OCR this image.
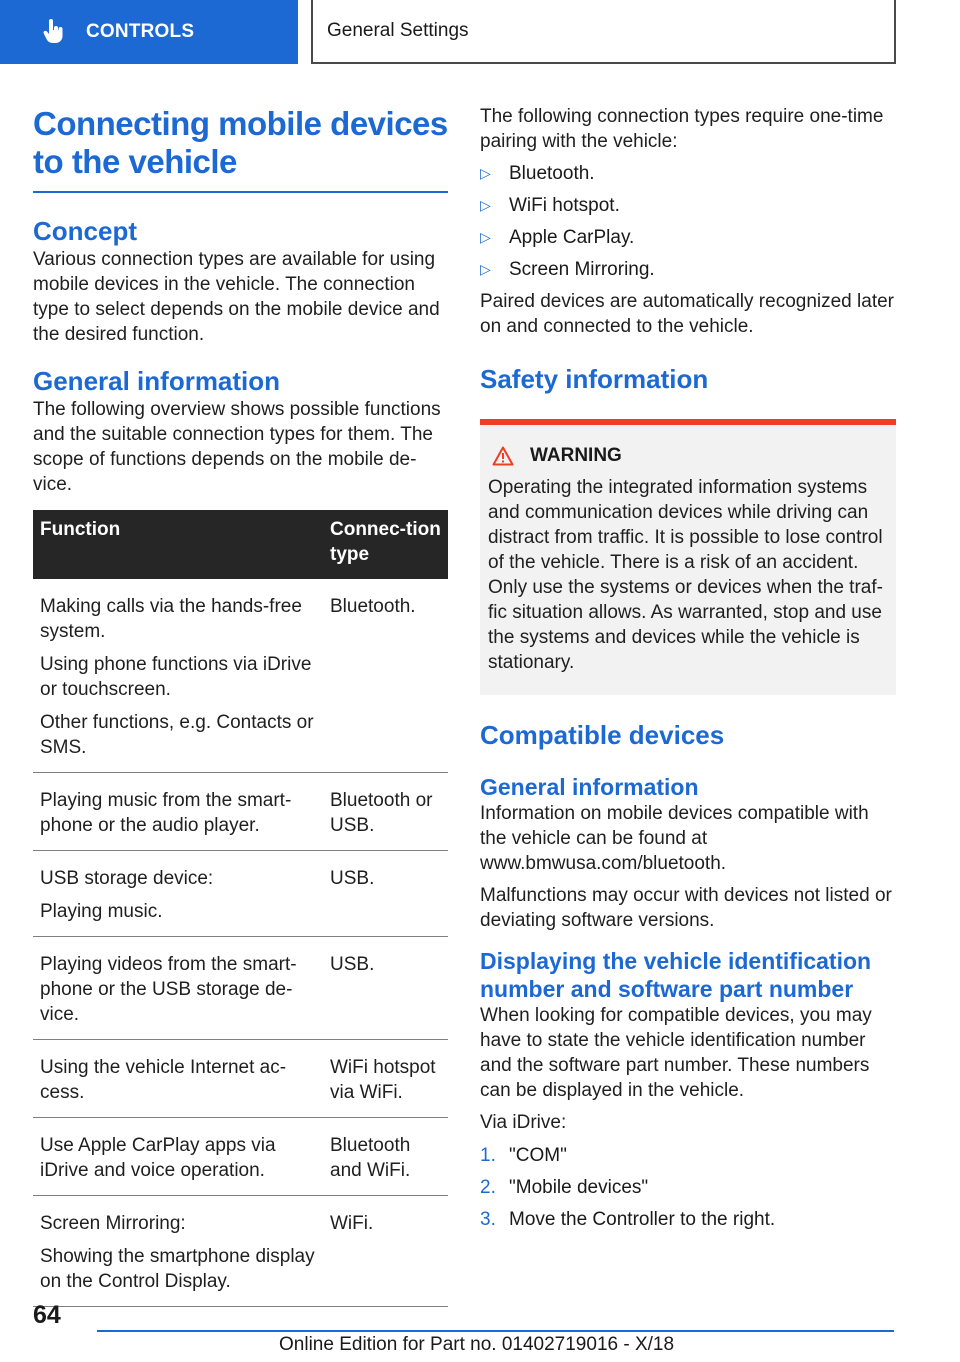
CONTROLS	General Settings
Connecting mobile devices to the vehicle
Concept

Various connection types are available for using mobile devices in the vehicle. The connection type to select depends on the mobile device and the desired function.

General information

The following overview shows possible functions and the suitable connection types for them. The scope of functions depends on the mobile de‐vice.

Function	Connec‐tion type

Making calls via the hands-free system.
Using phone functions via iDrive or touchscreen.
Other functions, e.g. Contacts or SMS.	Bluetooth.

Playing music from the smart‐phone or the audio player.	Bluetooth or USB.

USB storage device:
Playing music.	USB.

Playing videos from the smart‐phone or the USB storage de‐vice.	USB.

Using the vehicle Internet ac‐cess.	WiFi hotspot via WiFi.

Use Apple CarPlay apps via iDrive and voice operation.	Bluetooth and WiFi.

Screen Mirroring:
Showing the smartphone display on the Control Display.	WiFi.

The following connection types require one-time pairing with the vehicle:

▷ Bluetooth.
▷ WiFi hotspot.
▷ Apple CarPlay.
▷ Screen Mirroring.

Paired devices are automatically recognized later on and connected to the vehicle.

Safety information
WARNING

Operating the integrated information systems and communication devices while driving can distract from traffic. It is possible to lose control of the vehicle. There is a risk of an accident. Only use the systems or devices when the traf‐fic situation allows. As warranted, stop and use the systems and devices while the vehicle is stationary.

Compatible devices
General information

Information on mobile devices compatible with the vehicle can be found at www.bmwusa.com/bluetooth.

Malfunctions may occur with devices not listed or deviating software versions.

Displaying the vehicle identification number and software part number

When looking for compatible devices, you may have to state the vehicle identification number and the software part number. These numbers can be displayed in the vehicle.

Via iDrive:

1. "COM"
2. "Mobile devices"
3. Move the Controller to the right.
64
Online Edition for Part no. 01402719016 - X/18
